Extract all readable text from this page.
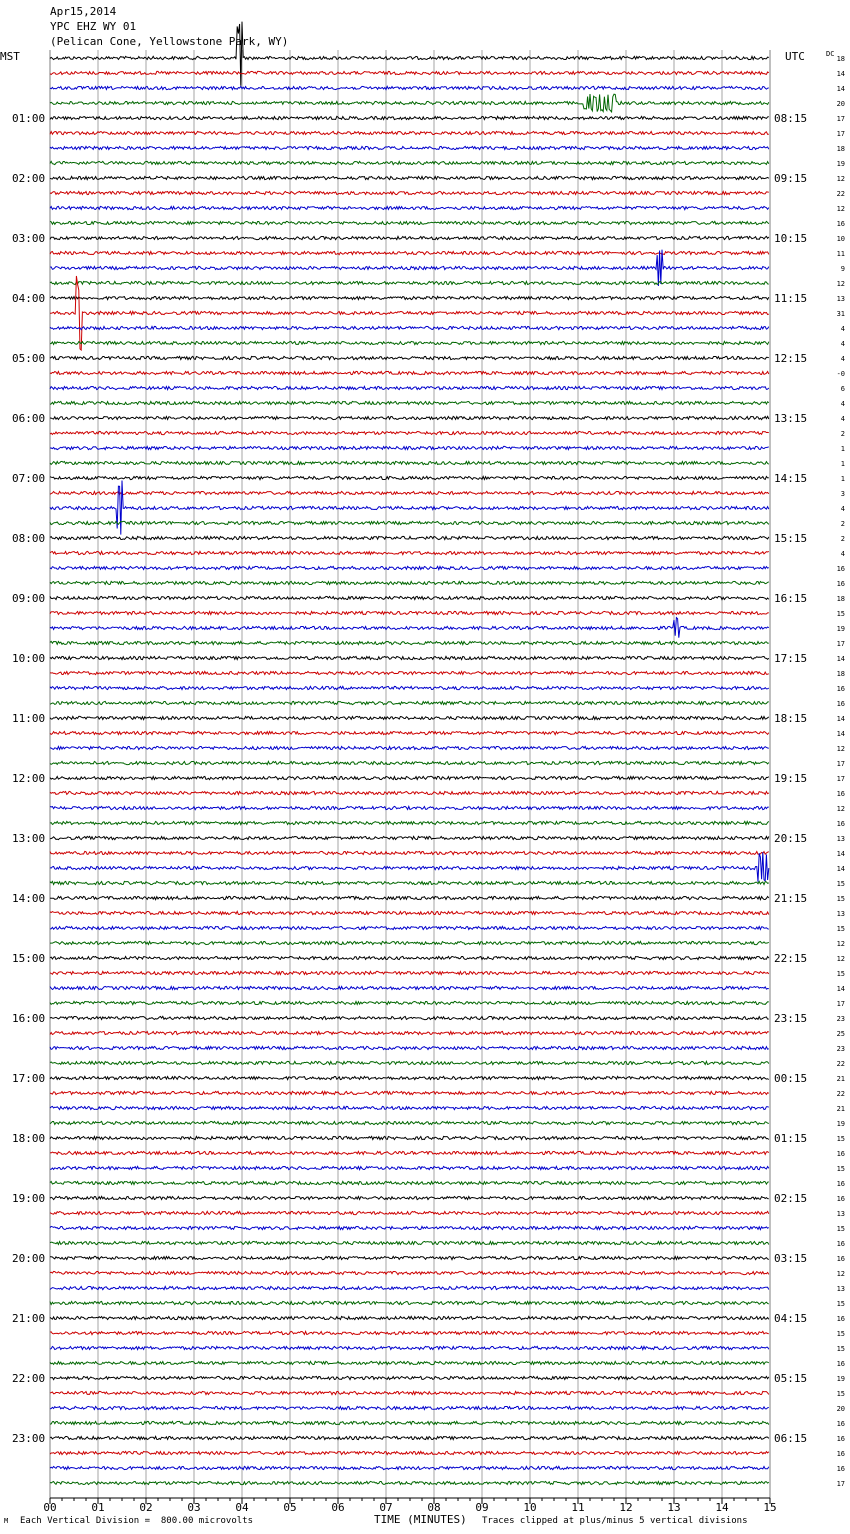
Apr15,2014
YPC EHZ WY 01
(Pelican Cone, Yellowstone Park, WY)
MST	UTC
01:00
02:00
03:00
04:00
05:00
06:00
07:00
08:00
09:00
10:00
11:00
12:00
13:00
14:00
15:00
16:00
17:00
18:00
19:00
20:00
21:00
22:00
23:00
08:15
09:15
10:15
11:15
12:15
13:15
14:15
15:15
16:15
17:15
18:15
19:15
20:15
21:15
22:15
23:15
00:15
01:15
02:15
03:15
04:15
05:15
06:15
DC
18
14
14
20
17
17
18
19
12
22
12
16
10
11
9
12
13
31
4
4
4
-0
6
4
4
2
1
1
1
3
4
2
2
4
16
16
18
15
19
17
14
18
16
16
14
14
12
17
17
16
12
16
13
14
14
15
15
13
15
12
12
15
14
17
23
25
23
22
21
22
21
19
15
16
15
16
16
13
15
16
16
12
13
15
16
15
15
16
19
15
20
16
16
16
16
17
00	01	02	03	04	05	06	07	08	09	10	11	12	13	14	15
M Each Vertical Division =  800.00 microvolts	TIME (MINUTES) Traces clipped at plus/minus 5 vertical divisions
